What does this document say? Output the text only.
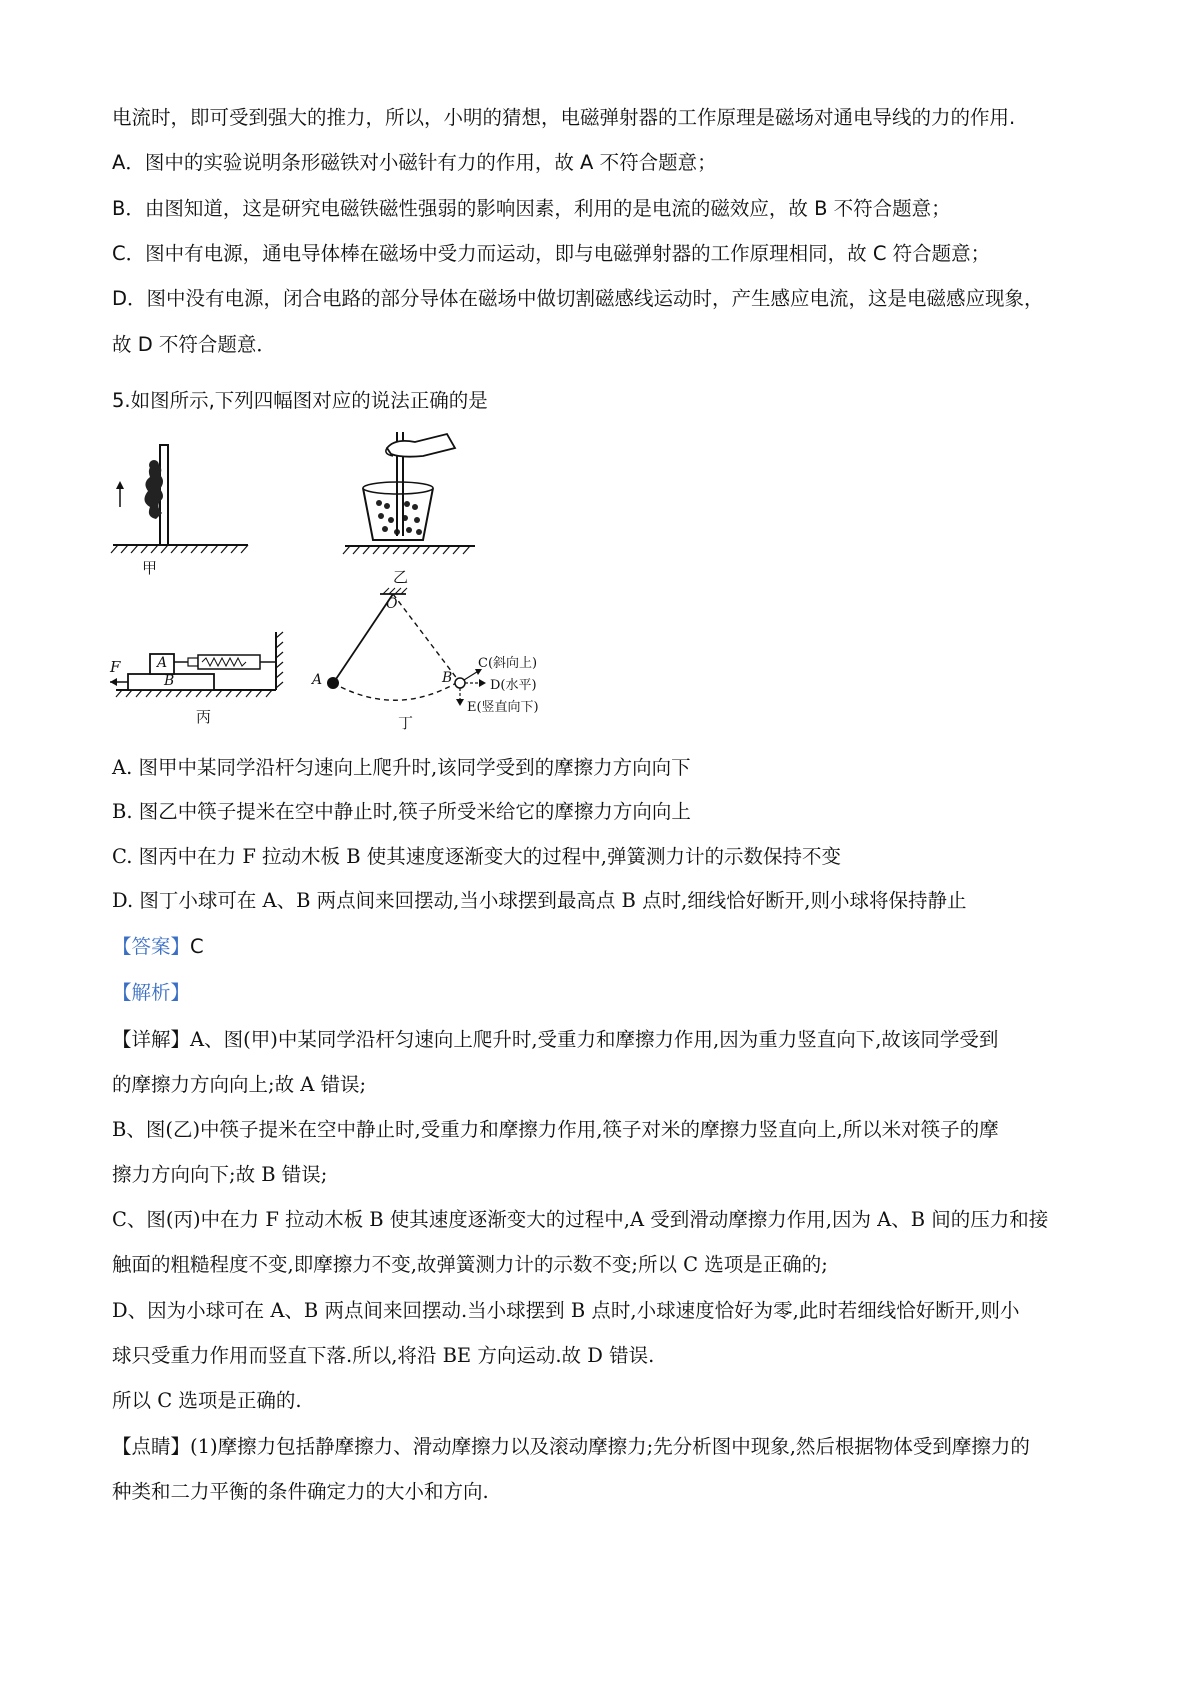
电流时，即可受到强大的推力，所以，小明的猜想，电磁弹射器的工作原理是磁场对通电导线的力的作用.
A．图中的实验说明条形磁铁对小磁针有力的作用，故 A 不符合题意；
B．由图知道，这是研究电磁铁磁性强弱的影响因素，利用的是电流的磁效应，故 B 不符合题意；
C．图中有电源，通电导体棒在磁场中受力而运动，即与电磁弹射器的工作原理相同，故 C 符合题意；
D．图中没有电源，闭合电路的部分导体在磁场中做切割磁感线运动时，产生感应电流，这是电磁感应现象，
故 D 不符合题意．
5.如图所示,下列四幅图对应的说法正确的是
甲	乙
F	A
B
丙
O
A	B
C(斜向上)
D(水平)
E(竖直向下)
丁
A. 图甲中某同学沿杆匀速向上爬升时,该同学受到的摩擦力方向向下
B. 图乙中筷子提米在空中静止时,筷子所受米给它的摩擦力方向向上
C. 图丙中在力 F 拉动木板 B 使其速度逐渐变大的过程中,弹簧测力计的示数保持不变
D. 图丁小球可在 A、B 两点间来回摆动,当小球摆到最高点 B 点时,细线恰好断开,则小球将保持静止
【答案】C
【解析】
【详解】A、图(甲)中某同学沿杆匀速向上爬升时,受重力和摩擦力作用,因为重力竖直向下,故该同学受到
的摩擦力方向向上;故 A 错误;
B、图(乙)中筷子提米在空中静止时,受重力和摩擦力作用,筷子对米的摩擦力竖直向上,所以米对筷子的摩
擦力方向向下;故 B 错误;
C、图(丙)中在力 F 拉动木板 B 使其速度逐渐变大的过程中,A 受到滑动摩擦力作用,因为 A、B 间的压力和接
触面的粗糙程度不变,即摩擦力不变,故弹簧测力计的示数不变;所以 C 选项是正确的;
D、因为小球可在 A、B 两点间来回摆动.当小球摆到 B 点时,小球速度恰好为零,此时若细线恰好断开,则小
球只受重力作用而竖直下落.所以,将沿 BE 方向运动.故 D 错误.
所以 C 选项是正确的.
【点睛】(1)摩擦力包括静摩擦力、滑动摩擦力以及滚动摩擦力;先分析图中现象,然后根据物体受到摩擦力的
种类和二力平衡的条件确定力的大小和方向.
